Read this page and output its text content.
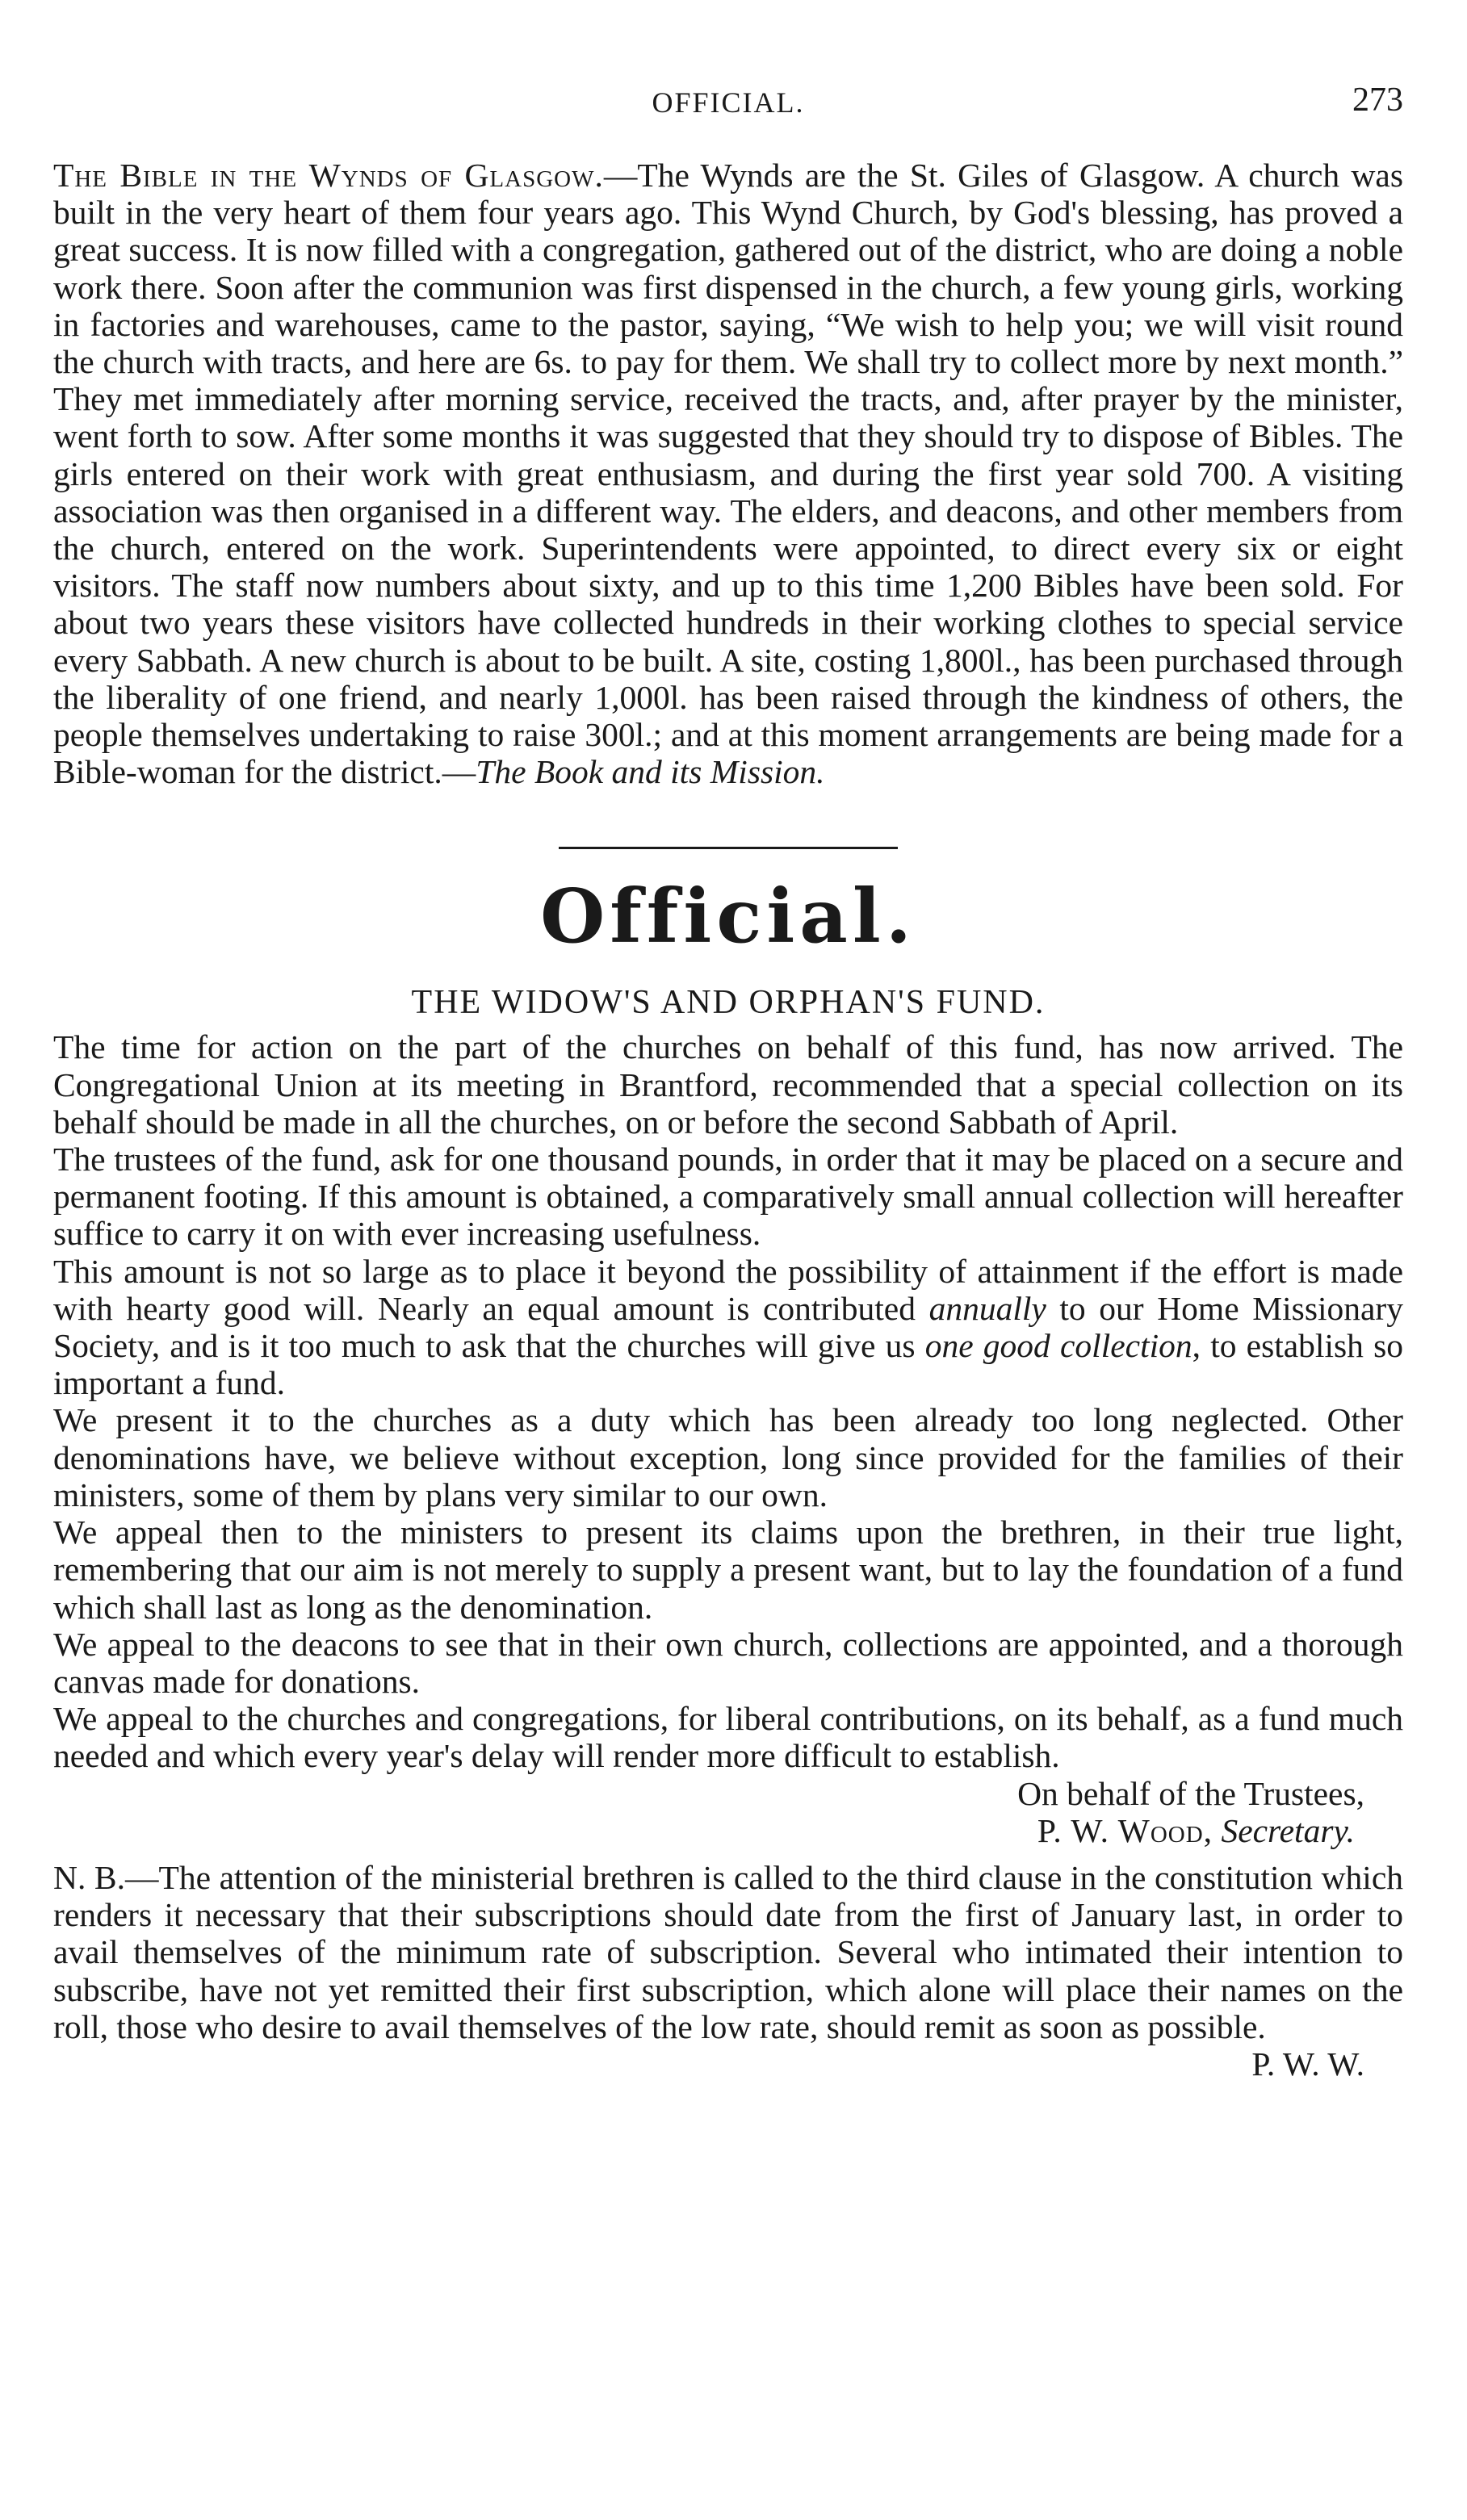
OFFICIAL.	273

The Bible in the Wynds of Glasgow.—The Wynds are the St. Giles of Glasgow. A church was built in the very heart of them four years ago. This Wynd Church, by God's blessing, has proved a great success. It is now filled with a congregation, gathered out of the district, who are doing a noble work there. Soon after the communion was first dispensed in the church, a few young girls, working in factories and warehouses, came to the pastor, saying, “We wish to help you; we will visit round the church with tracts, and here are 6s. to pay for them. We shall try to collect more by next month.” They met immediately after morning service, received the tracts, and, after prayer by the minister, went forth to sow. After some months it was suggested that they should try to dispose of Bibles. The girls entered on their work with great enthusiasm, and during the first year sold 700. A visiting association was then organised in a different way. The elders, and deacons, and other members from the church, entered on the work. Superintendents were appointed, to direct every six or eight visitors. The staff now numbers about sixty, and up to this time 1,200 Bibles have been sold. For about two years these visitors have collected hundreds in their working clothes to special service every Sabbath. A new church is about to be built. A site, costing 1,800l., has been purchased through the liberality of one friend, and nearly 1,000l. has been raised through the kindness of others, the people themselves undertaking to raise 300l.; and at this moment arrangements are being made for a Bible-woman for the district.—The Book and its Mission.

Official.
THE WIDOW'S AND ORPHAN'S FUND.

The time for action on the part of the churches on behalf of this fund, has now arrived. The Congregational Union at its meeting in Brantford, recommended that a special collection on its behalf should be made in all the churches, on or before the second Sabbath of April.

The trustees of the fund, ask for one thousand pounds, in order that it may be placed on a secure and permanent footing. If this amount is obtained, a comparatively small annual collection will hereafter suffice to carry it on with ever increasing usefulness.

This amount is not so large as to place it beyond the possibility of attainment if the effort is made with hearty good will. Nearly an equal amount is contributed annually to our Home Missionary Society, and is it too much to ask that the churches will give us one good collection, to establish so important a fund.

We present it to the churches as a duty which has been already too long neglected. Other denominations have, we believe without exception, long since provided for the families of their ministers, some of them by plans very similar to our own.

We appeal then to the ministers to present its claims upon the brethren, in their true light, remembering that our aim is not merely to supply a present want, but to lay the foundation of a fund which shall last as long as the denomination.

We appeal to the deacons to see that in their own church, collections are appointed, and a thorough canvas made for donations.

We appeal to the churches and congregations, for liberal contributions, on its behalf, as a fund much needed and which every year's delay will render more difficult to establish.

On behalf of the Trustees,
P. W. Wood, Secretary.

N. B.—The attention of the ministerial brethren is called to the third clause in the constitution which renders it necessary that their subscriptions should date from the first of January last, in order to avail themselves of the minimum rate of subscription. Several who intimated their intention to subscribe, have not yet remitted their first subscription, which alone will place their names on the roll, those who desire to avail themselves of the low rate, should remit as soon as possible.
P. W. W.
